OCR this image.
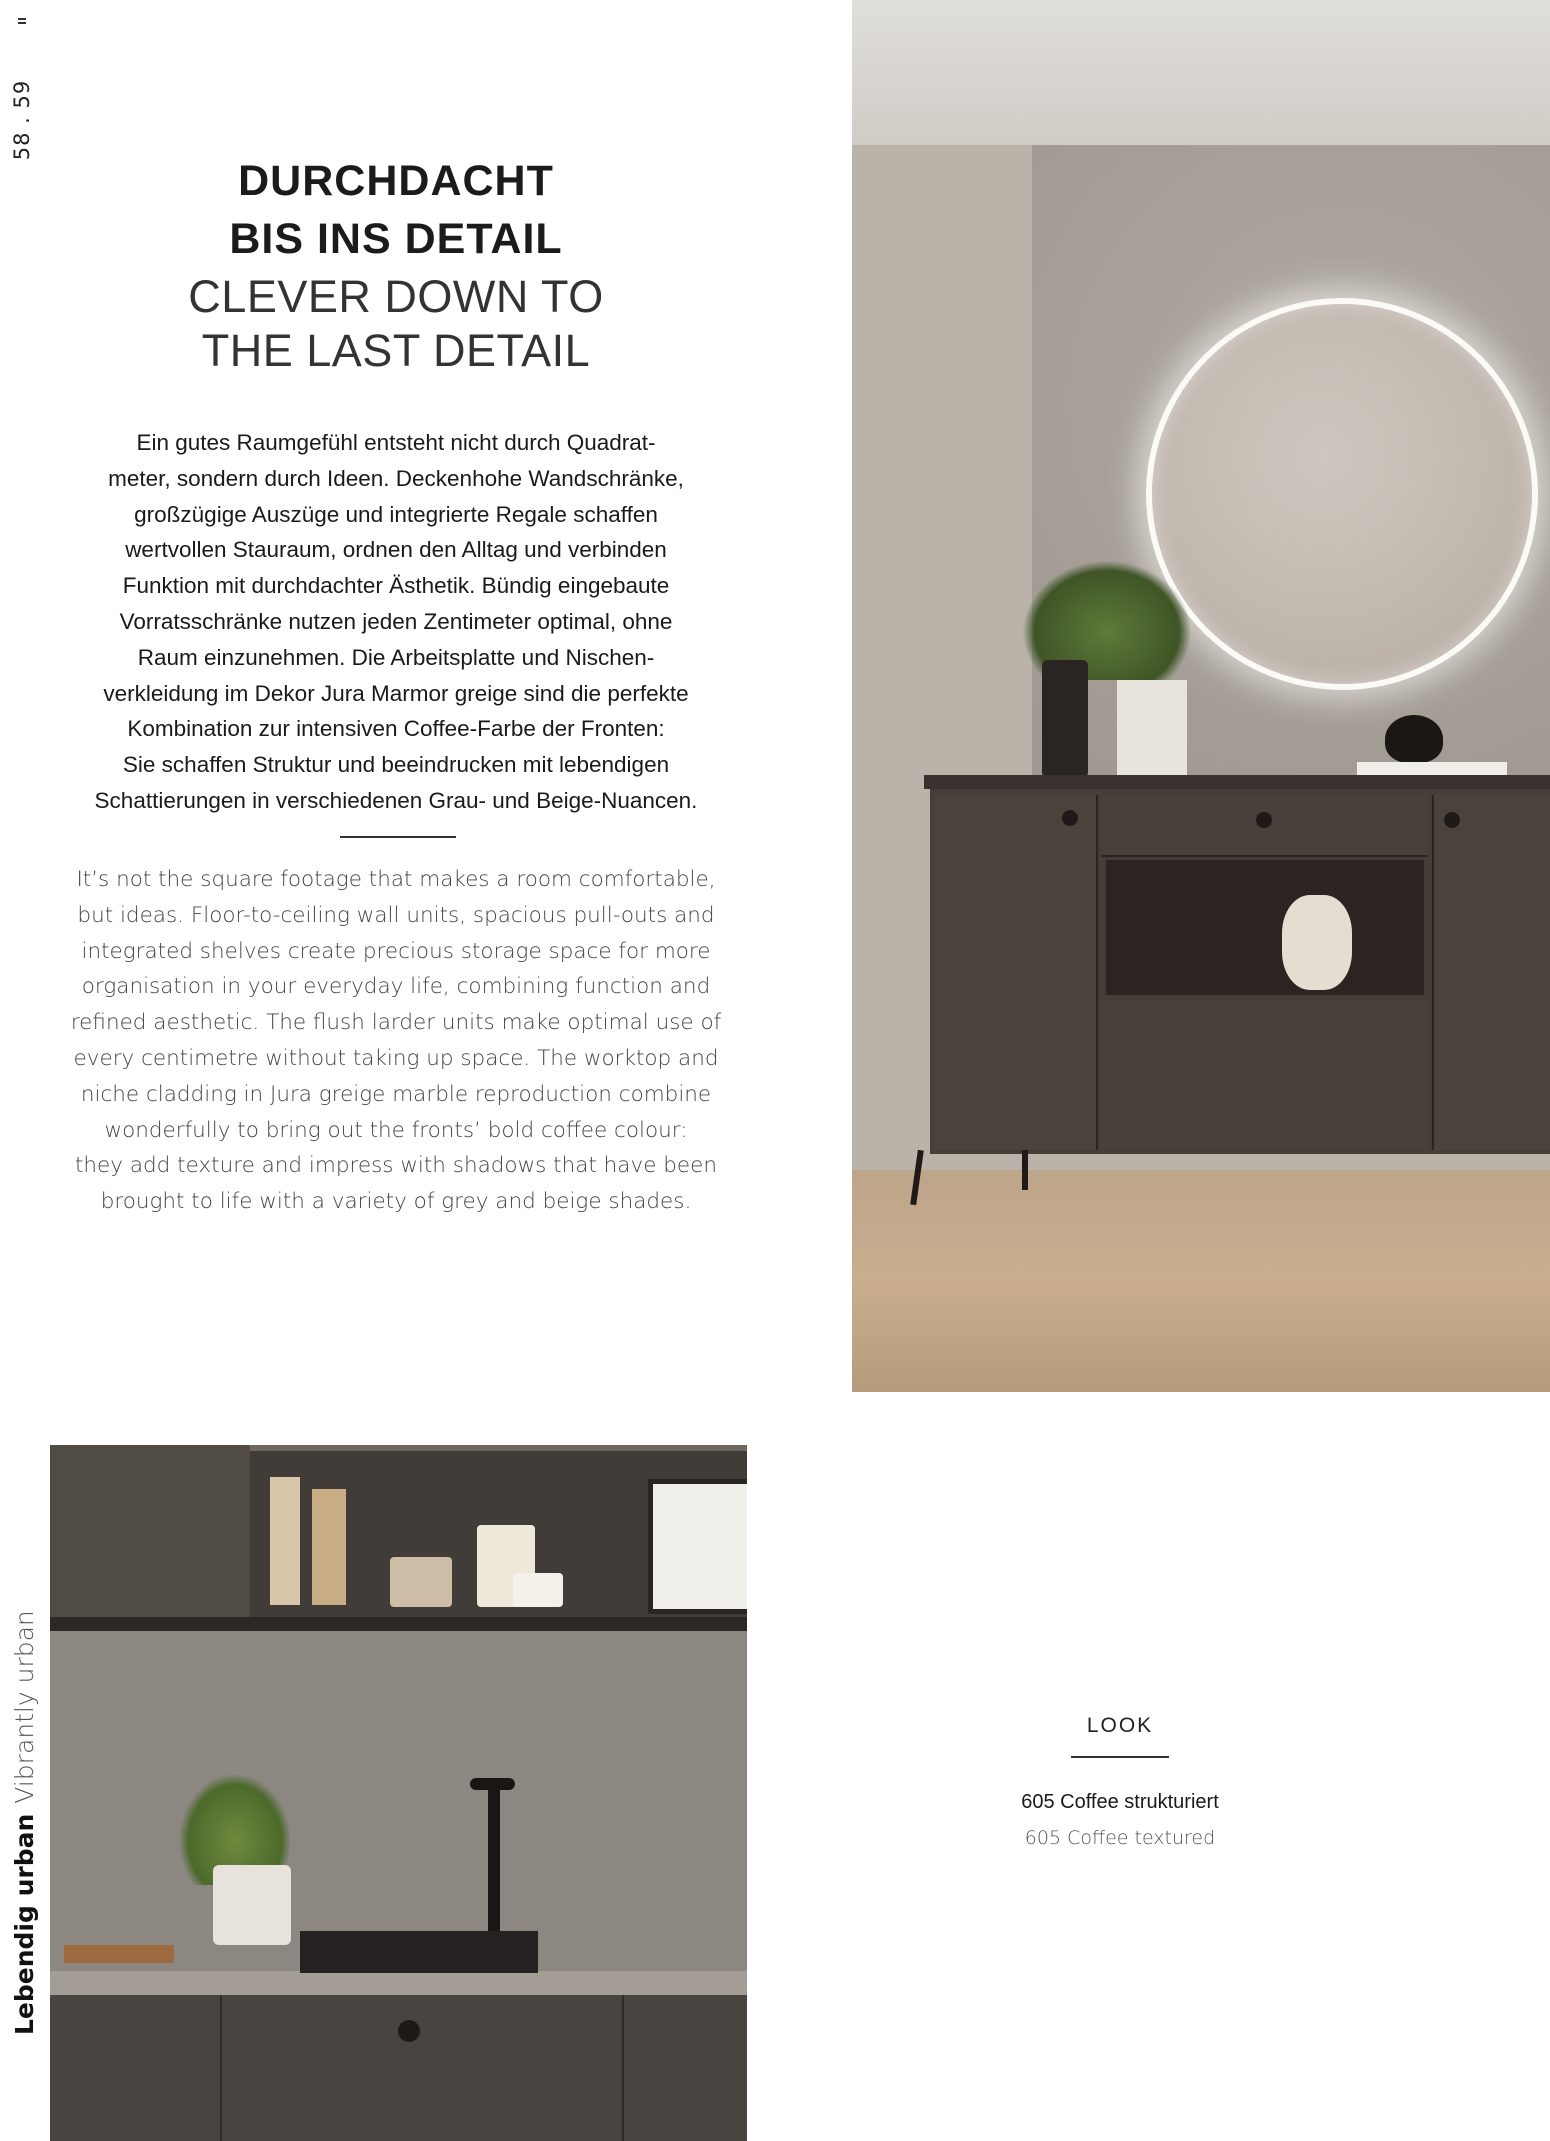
58 . 59
DURCHDACHT
BIS INS DETAIL
CLEVER DOWN TO
THE LAST DETAIL
Ein gutes Raumgefühl entsteht nicht durch Quadrat-
meter, sondern durch Ideen. Deckenhohe Wandschränke,
großzügige Auszüge und integrierte Regale schaffen
wertvollen Stauraum, ordnen den Alltag und verbinden
Funktion mit durchdachter Ästhetik. Bündig eingebaute
Vorratsschränke nutzen jeden Zentimeter optimal, ohne
Raum einzunehmen. Die Arbeitsplatte und Nischen-
verkleidung im Dekor Jura Marmor greige sind die perfekte
Kombination zur intensiven Coffee-Farbe der Fronten:
Sie schaffen Struktur und beeindrucken mit lebendigen
Schattierungen in verschiedenen Grau- und Beige-Nuancen.
It’s not the square footage that makes a room comfortable,
but ideas. Floor-to-ceiling wall units, spacious pull-outs and
integrated shelves create precious storage space for more
organisation in your everyday life, combining function and
refined aesthetic. The flush larder units make optimal use of
every centimetre without taking up space. The worktop and
niche cladding in Jura greige marble reproduction combine
wonderfully to bring out the fronts’ bold coffee colour:
they add texture and impress with shadows that have been
brought to life with a variety of grey and beige shades.
Lebendig urbanVibrantly urban	LOOK
605 Coffee strukturiert
605 Coffee textured
